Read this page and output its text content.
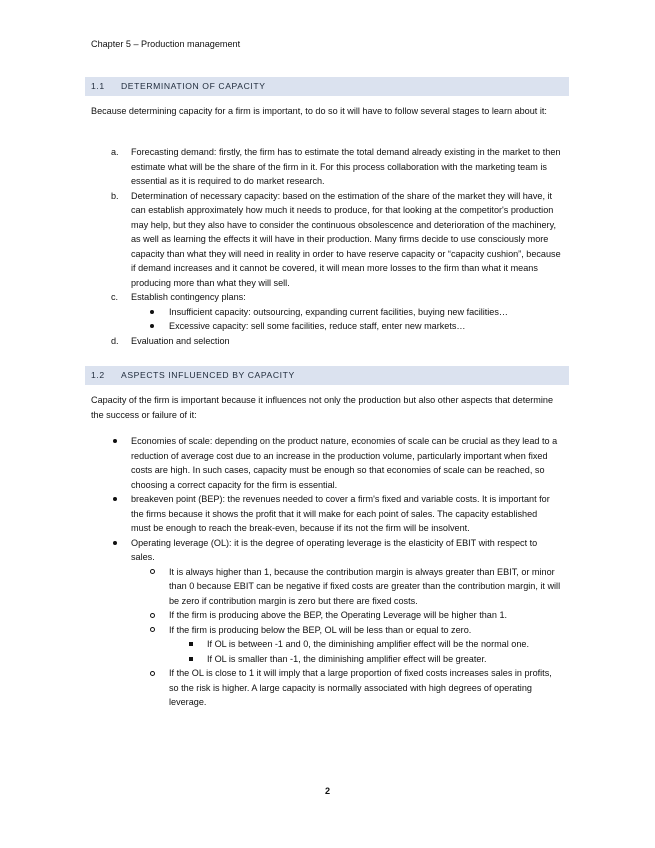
Chapter 5 – Production management
1.1 DETERMINATION OF CAPACITY

Because determining capacity for a firm is important, to do so it will have to follow several stages to learn about it:

a. Forecasting demand: firstly, the firm has to estimate the total demand already existing in the market to then estimate what will be the share of the firm in it. For this process collaboration with the marketing team is essential as it is required to do market research.
b. Determination of necessary capacity: based on the estimation of the share of the market they will have, it can establish approximately how much it needs to produce, for that looking at the competitor's production may help, but they also have to consider the continuous obsolescence and deterioration of the machinery, as well as learning the effects it will have in their production. Many firms decide to use consciously more capacity than what they will need in reality in order to have reserve capacity or “capacity cushion”, because if demand increases and it cannot be covered, it will mean more losses to the firm than what it means producing more than what they will sell.
c. Establish contingency plans:
Insufficient capacity: outsourcing, expanding current facilities, buying new facilities…
Excessive capacity: sell some facilities, reduce staff, enter new markets…
d. Evaluation and selection
1.2 ASPECTS INFLUENCED BY CAPACITY

Capacity of the firm is important because it influences not only the production but also other aspects that determine the success or failure of it:

Economies of scale: depending on the product nature, economies of scale can be crucial as they lead to a reduction of average cost due to an increase in the production volume, particularly important when fixed costs are high. In such cases, capacity must be enough so that economies of scale can be reached, so choosing a correct capacity for the firm is essential.
breakeven point (BEP): the revenues needed to cover a firm's fixed and variable costs. It is important for the firms because it shows the profit that it will make for each point of sales. The capacity established must be enough to reach the break-even, because if its not the firm will be insolvent.
Operating leverage (OL): it is the degree of operating leverage is the elasticity of EBIT with respect to sales.
It is always higher than 1, because the contribution margin is always greater than EBIT, or minor than 0 because EBIT can be negative if fixed costs are greater than the contribution margin, it will be zero if contribution margin is zero but there are fixed costs.
If the firm is producing above the BEP, the Operating Leverage will be higher than 1.
If the firm is producing below the BEP, OL will be less than or equal to zero.
If OL is between -1 and 0, the diminishing amplifier effect will be the normal one.
If OL is smaller than -1, the diminishing amplifier effect will be greater.
If the OL is close to 1 it will imply that a large proportion of fixed costs increases sales in profits, so the risk is higher. A large capacity is normally associated with high degrees of operating leverage.
2
